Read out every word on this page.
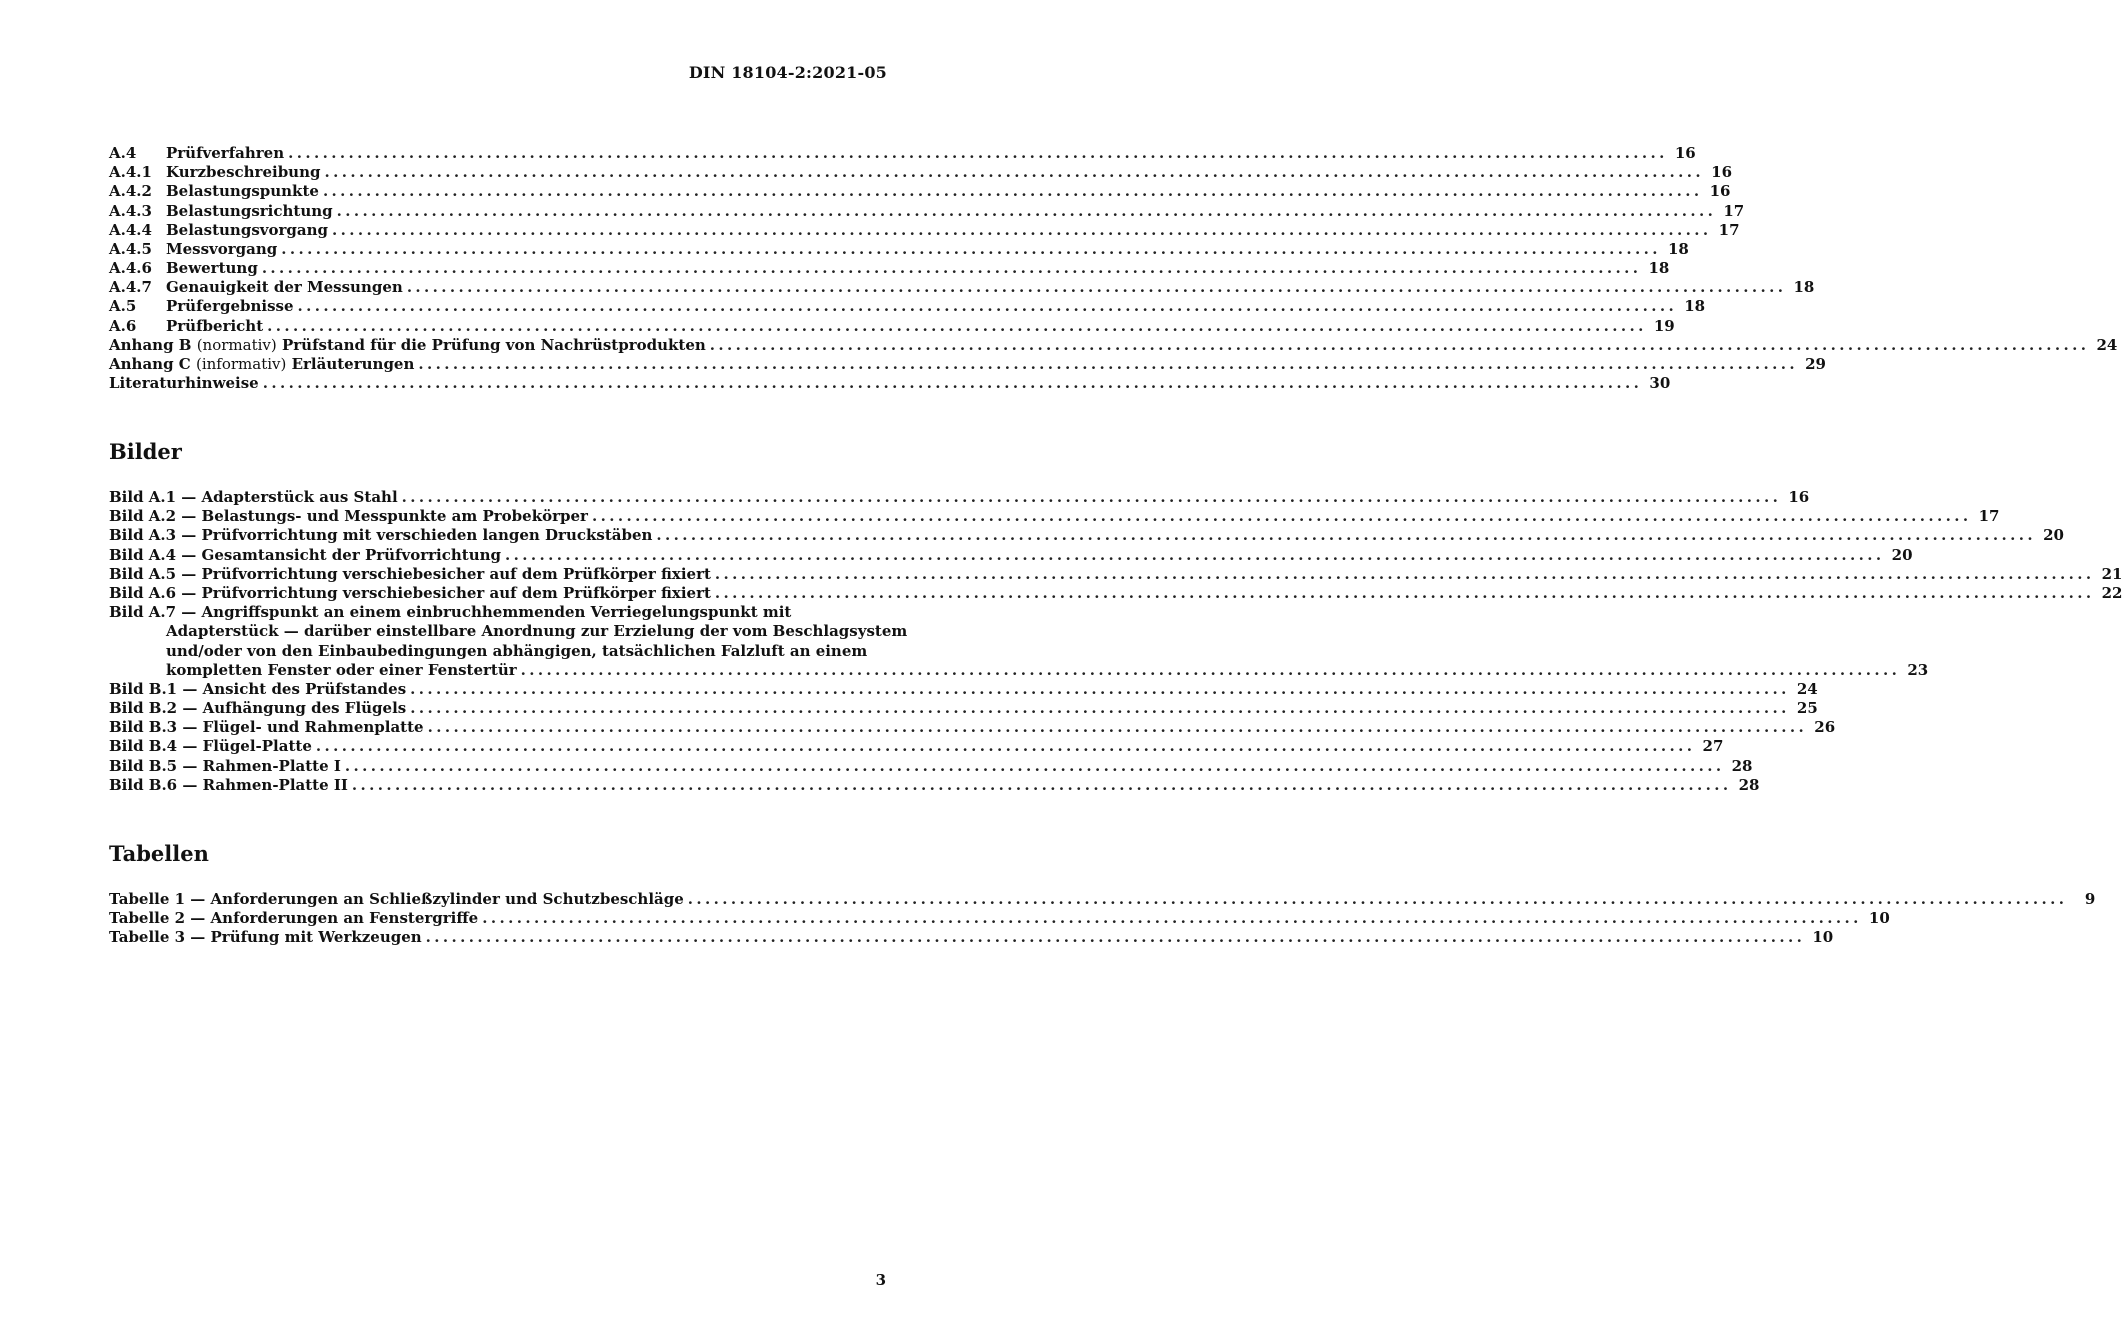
DIN 18104-2:2021-05
A.4	Prüfverfahren ................................................................................................................................................................ 16
A.4.1 Kurzbeschreibung ................................................................................................................................................................ 16
A.4.2 Belastungspunkte ................................................................................................................................................................ 16
A.4.3 Belastungsrichtung ................................................................................................................................................................ 17
A.4.4 Belastungsvorgang ................................................................................................................................................................ 17
A.4.5 Messvorgang ................................................................................................................................................................ 18
A.4.6 Bewertung ................................................................................................................................................................ 18
A.4.7 Genauigkeit der Messungen ................................................................................................................................................................ 18
A.5	Prüfergebnisse ................................................................................................................................................................ 18
A.6	Prüfbericht ................................................................................................................................................................ 19
Anhang B (normativ) Prüfstand für die Prüfung von Nachrüstprodukten ................................................................................................................................................................ 24
Anhang C (informativ) Erläuterungen ................................................................................................................................................................ 29
Literaturhinweise ................................................................................................................................................................ 30
Bilder
Bild A.1 — Adapterstück aus Stahl ................................................................................................................................................................ 16
Bild A.2 — Belastungs- und Messpunkte am Probekörper ................................................................................................................................................................ 17
Bild A.3 — Prüfvorrichtung mit verschieden langen Druckstäben ................................................................................................................................................................ 20
Bild A.4 — Gesamtansicht der Prüfvorrichtung ................................................................................................................................................................ 20
Bild A.5 — Prüfvorrichtung verschiebesicher auf dem Prüfkörper fixiert ................................................................................................................................................................ 21
Bild A.6 — Prüfvorrichtung verschiebesicher auf dem Prüfkörper fixiert ................................................................................................................................................................ 22
Bild A.7 — Angriffspunkt an einem einbruchhemmenden Verriegelungspunkt mit
Adapterstück — darüber einstellbare Anordnung zur Erzielung der vom Beschlagsystem
und/oder von den Einbaubedingungen abhängigen, tatsächlichen Falzluft an einem
kompletten Fenster oder einer Fenstertür ................................................................................................................................................................ 23
Bild B.1 — Ansicht des Prüfstandes ................................................................................................................................................................ 24
Bild B.2 — Aufhängung des Flügels ................................................................................................................................................................ 25
Bild B.3 — Flügel- und Rahmenplatte ................................................................................................................................................................ 26
Bild B.4 — Flügel-Platte ................................................................................................................................................................ 27
Bild B.5 — Rahmen-Platte I ................................................................................................................................................................ 28
Bild B.6 — Rahmen-Platte II ................................................................................................................................................................ 28
Tabellen
Tabelle 1 — Anforderungen an Schließzylinder und Schutzbeschläge ................................................................................................................................................................	9
Tabelle 2 — Anforderungen an Fenstergriffe ................................................................................................................................................................ 10
Tabelle 3 — Prüfung mit Werkzeugen ................................................................................................................................................................ 10
3
